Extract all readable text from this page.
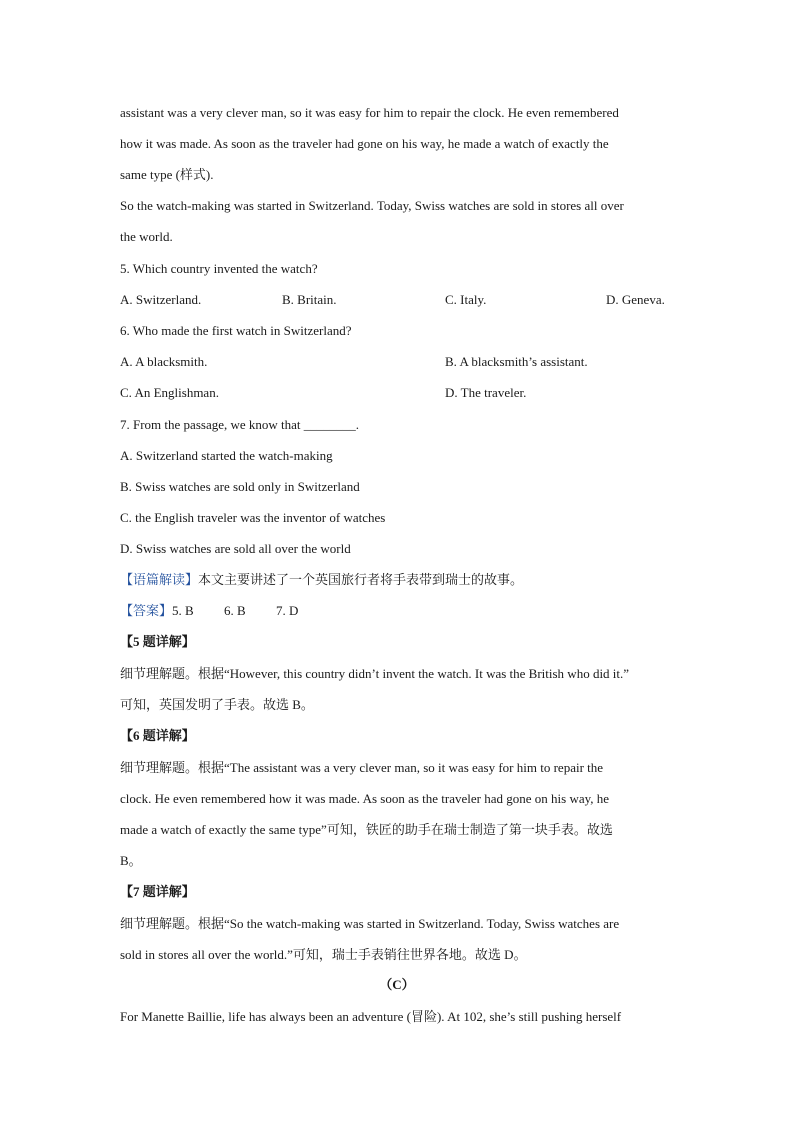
assistant was a very clever man, so it was easy for him to repair the clock. He even remembered
how it was made. As soon as the traveler had gone on his way, he made a watch of exactly the
same type (样式).
So the watch-making was started in Switzerland. Today, Swiss watches are sold in stores all over
the world.
5. Which country invented the watch?
A. Switzerland.	B. Britain.	C. Italy.	D. Geneva.
6. Who made the first watch in Switzerland?
A. A blacksmith.	B. A blacksmith’s assistant.
C. An Englishman.	D. The traveler.
7. From the passage, we know that ________.
A. Switzerland started the watch-making
B. Swiss watches are sold only in Switzerland
C. the English traveler was the inventor of watches
D. Swiss watches are sold all over the world
【语篇解读】本文主要讲述了一个英国旅行者将手表带到瑞士的故事。
【答案】5. B 6. B 7. D
【5 题详解】
细节理解题。根据“However, this country didn’t invent the watch. It was the British who did it.”
可知，英国发明了手表。故选 B。
【6 题详解】
细节理解题。根据“The assistant was a very clever man, so it was easy for him to repair the
clock. He even remembered how it was made. As soon as the traveler had gone on his way, he
made a watch of exactly the same type”可知，铁匠的助手在瑞士制造了第一块手表。故选
B。
【7 题详解】
细节理解题。根据“So the watch-making was started in Switzerland. Today, Swiss watches are
sold in stores all over the world.”可知，瑞士手表销往世界各地。故选 D。
（C）
For Manette Baillie, life has always been an adventure (冒险). At 102, she’s still pushing herself
